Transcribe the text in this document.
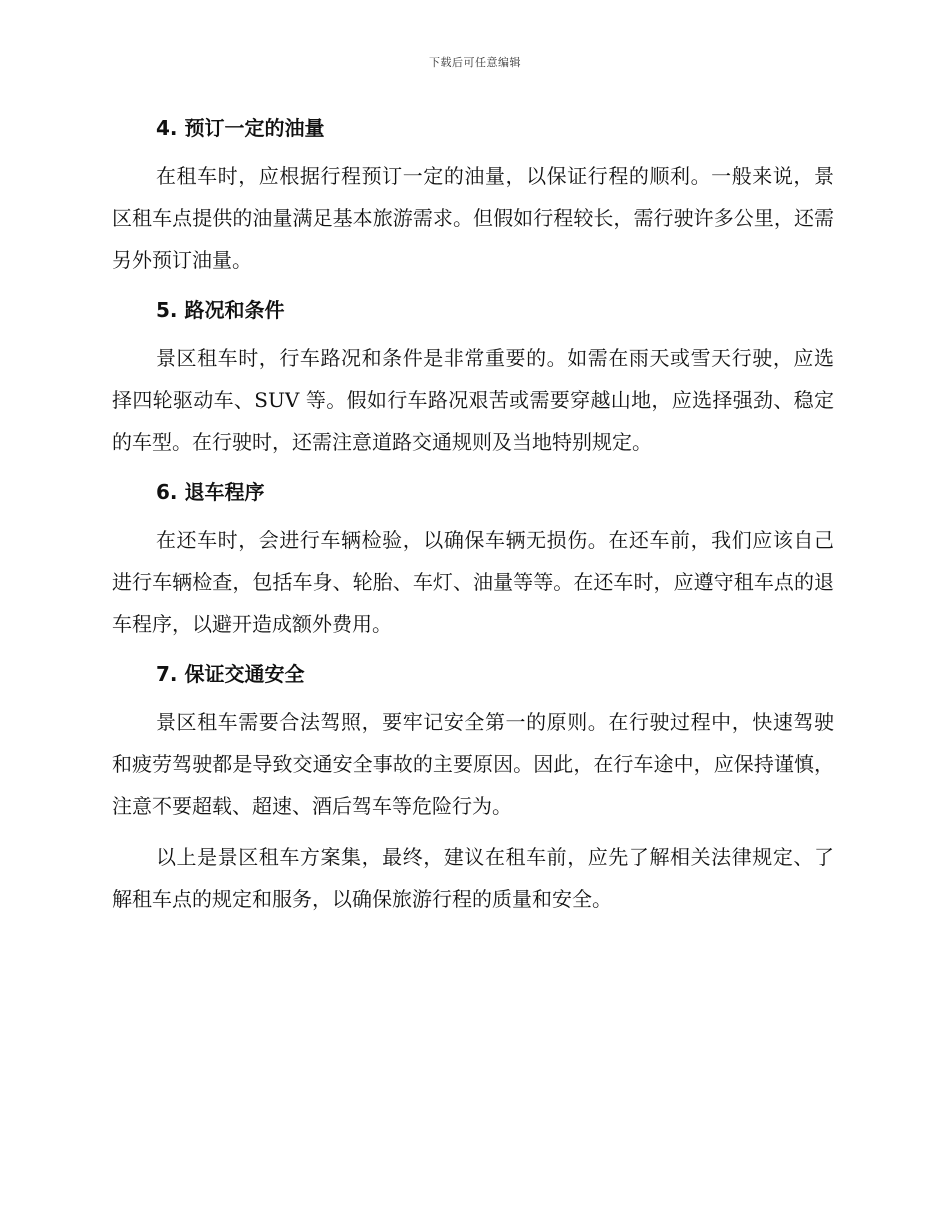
下载后可任意编辑
4. 预订一定的油量

在租车时，应根据行程预订一定的油量，以保证行程的顺利。一般来说，景区租车点提供的油量满足基本旅游需求。但假如行程较长，需行驶许多公里，还需另外预订油量。

5. 路况和条件

景区租车时，行车路况和条件是非常重要的。如需在雨天或雪天行驶，应选择四轮驱动车、SUV 等。假如行车路况艰苦或需要穿越山地，应选择强劲、稳定的车型。在行驶时，还需注意道路交通规则及当地特别规定。

6. 退车程序

在还车时，会进行车辆检验，以确保车辆无损伤。在还车前，我们应该自己进行车辆检查，包括车身、轮胎、车灯、油量等等。在还车时，应遵守租车点的退车程序，以避开造成额外费用。

7. 保证交通安全

景区租车需要合法驾照，要牢记安全第一的原则。在行驶过程中，快速驾驶和疲劳驾驶都是导致交通安全事故的主要原因。因此，在行车途中，应保持谨慎，注意不要超载、超速、酒后驾车等危险行为。

以上是景区租车方案集，最终，建议在租车前，应先了解相关法律规定、了解租车点的规定和服务，以确保旅游行程的质量和安全。
